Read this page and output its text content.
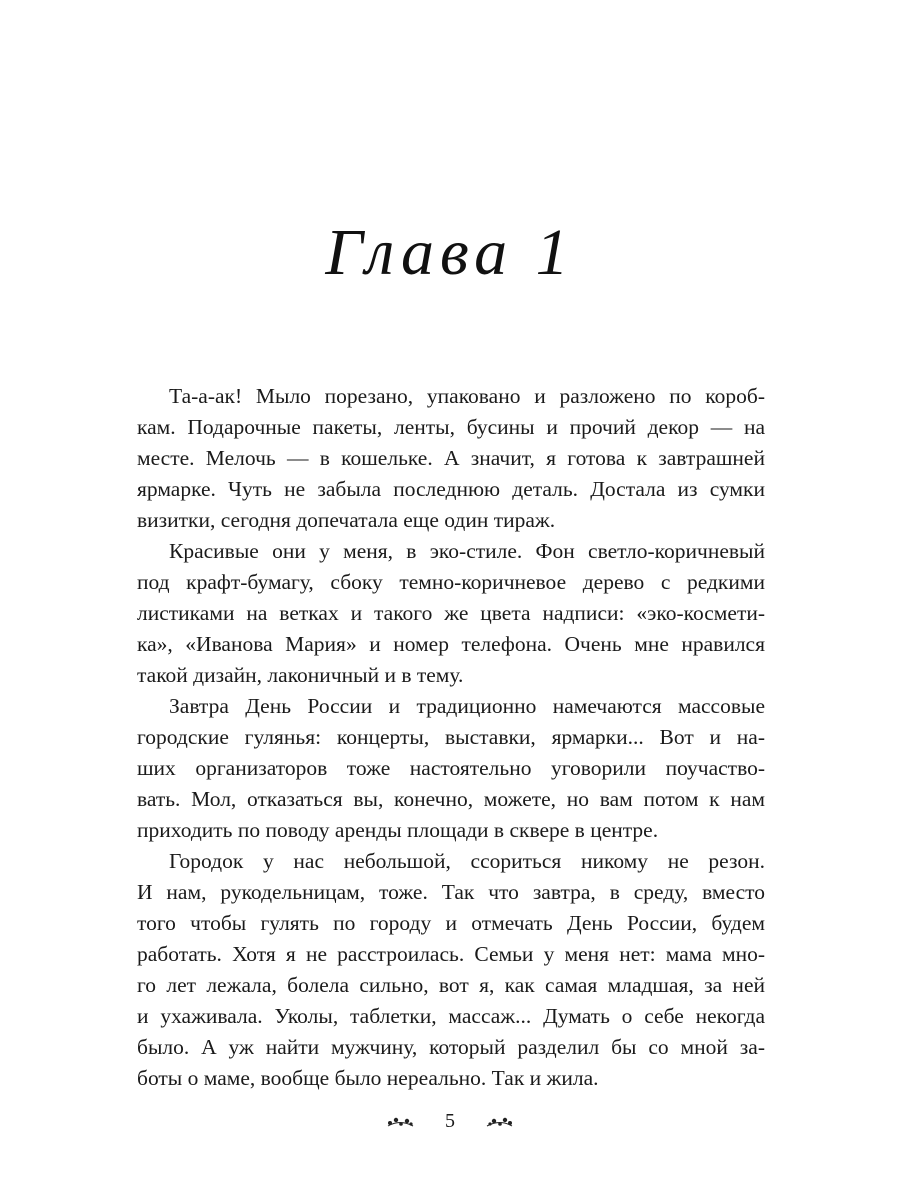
Глава 1
Та-а-ак! Мыло порезано, упаковано и разложено по короб-
кам. Подарочные пакеты, ленты, бусины и прочий декор — на
месте. Мелочь — в кошельке. А значит, я готова к завтрашней
ярмарке. Чуть не забыла последнюю деталь. Достала из сумки
визитки, сегодня допечатала еще один тираж.
Красивые они у меня, в эко-стиле. Фон светло-коричневый
под крафт-бумагу, сбоку темно-коричневое дерево с редкими
листиками на ветках и такого же цвета надписи: «эко-космети-
ка», «Иванова Мария» и номер телефона. Очень мне нравился
такой дизайн, лаконичный и в тему.
Завтра День России и традиционно намечаются массовые
городские гулянья: концерты, выставки, ярмарки... Вот и на-
ших организаторов тоже настоятельно уговорили поучаство-
вать. Мол, отказаться вы, конечно, можете, но вам потом к нам
приходить по поводу аренды площади в сквере в центре.
Городок у нас небольшой, ссориться никому не резон.
И нам, рукодельницам, тоже. Так что завтра, в среду, вместо
того чтобы гулять по городу и отмечать День России, будем
работать. Хотя я не расстроилась. Семьи у меня нет: мама мно-
го лет лежала, болела сильно, вот я, как самая младшая, за ней
и ухаживала. Уколы, таблетки, массаж... Думать о себе некогда
было. А уж найти мужчину, который разделил бы со мной за-
боты о маме, вообще было нереально. Так и жила.
5
